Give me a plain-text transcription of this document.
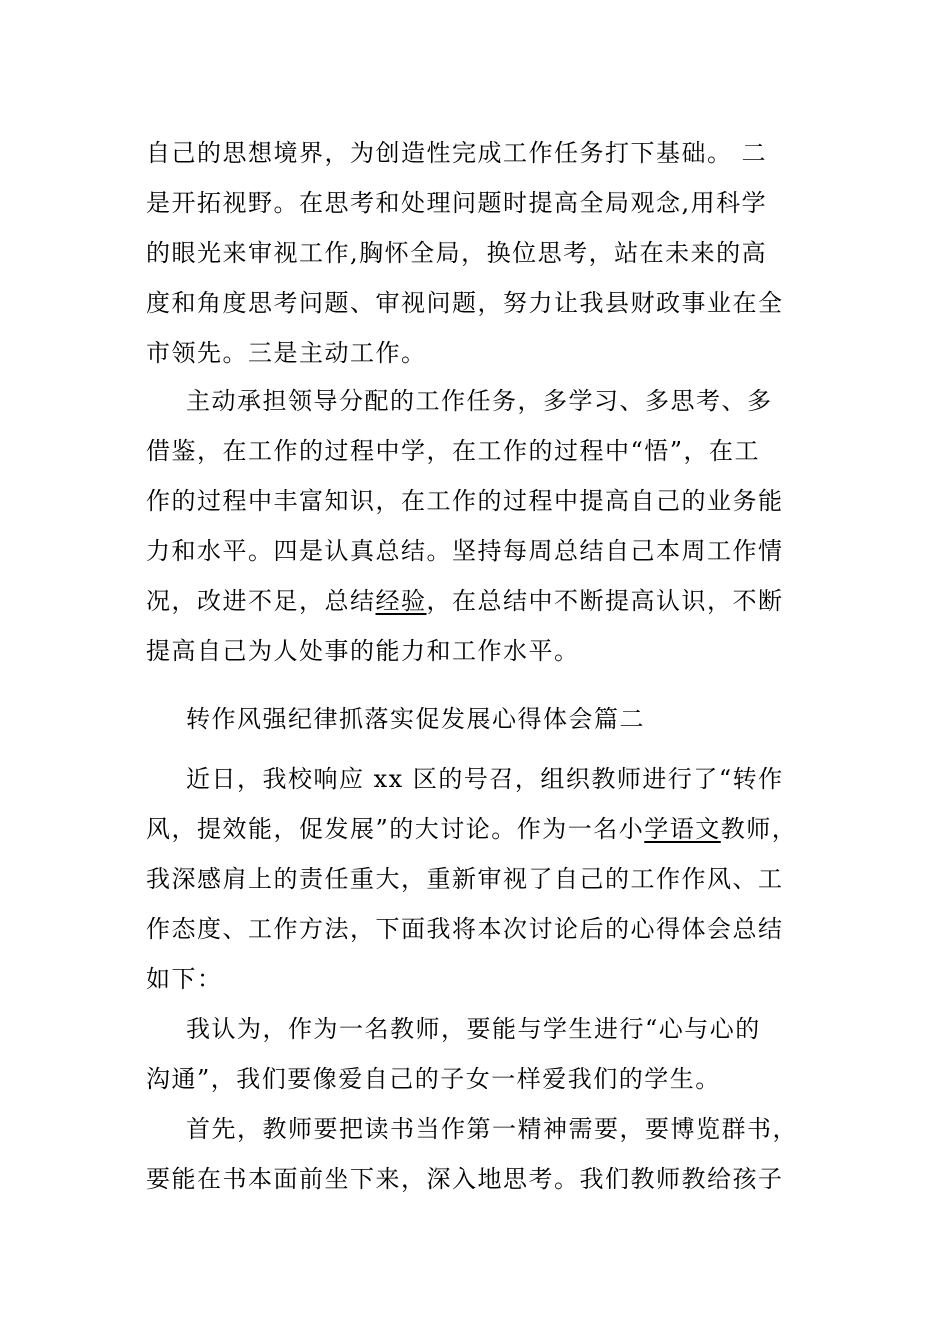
自己的思想境界，为创造性完成工作任务打下基础。 二
是开拓视野。在思考和处理问题时提高全局观念,用科学
的眼光来审视工作,胸怀全局，换位思考，站在未来的高
度和角度思考问题、审视问题，努力让我县财政事业在全
市领先。三是主动工作。
主动承担领导分配的工作任务，多学习、多思考、多
借鉴，在工作的过程中学，在工作的过程中“悟”，在工
作的过程中丰富知识，在工作的过程中提高自己的业务能
力和水平。四是认真总结。坚持每周总结自己本周工作情
况，改进不足，总结经验，在总结中不断提高认识，不断
提高自己为人处事的能力和工作水平。
转作风强纪律抓落实促发展心得体会篇二
近日，我校响应 xx 区的号召，组织教师进行了“转作
风，提效能，促发展”的大讨论。作为一名小学语文教师，
我深感肩上的责任重大，重新审视了自己的工作作风、工
作态度、工作方法，下面我将本次讨论后的心得体会总结
如下：
我认为，作为一名教师，要能与学生进行“心与心的
沟通”，我们要像爱自己的子女一样爱我们的学生。
首先，教师要把读书当作第一精神需要，要博览群书，
要能在书本面前坐下来，深入地思考。我们教师教给孩子
